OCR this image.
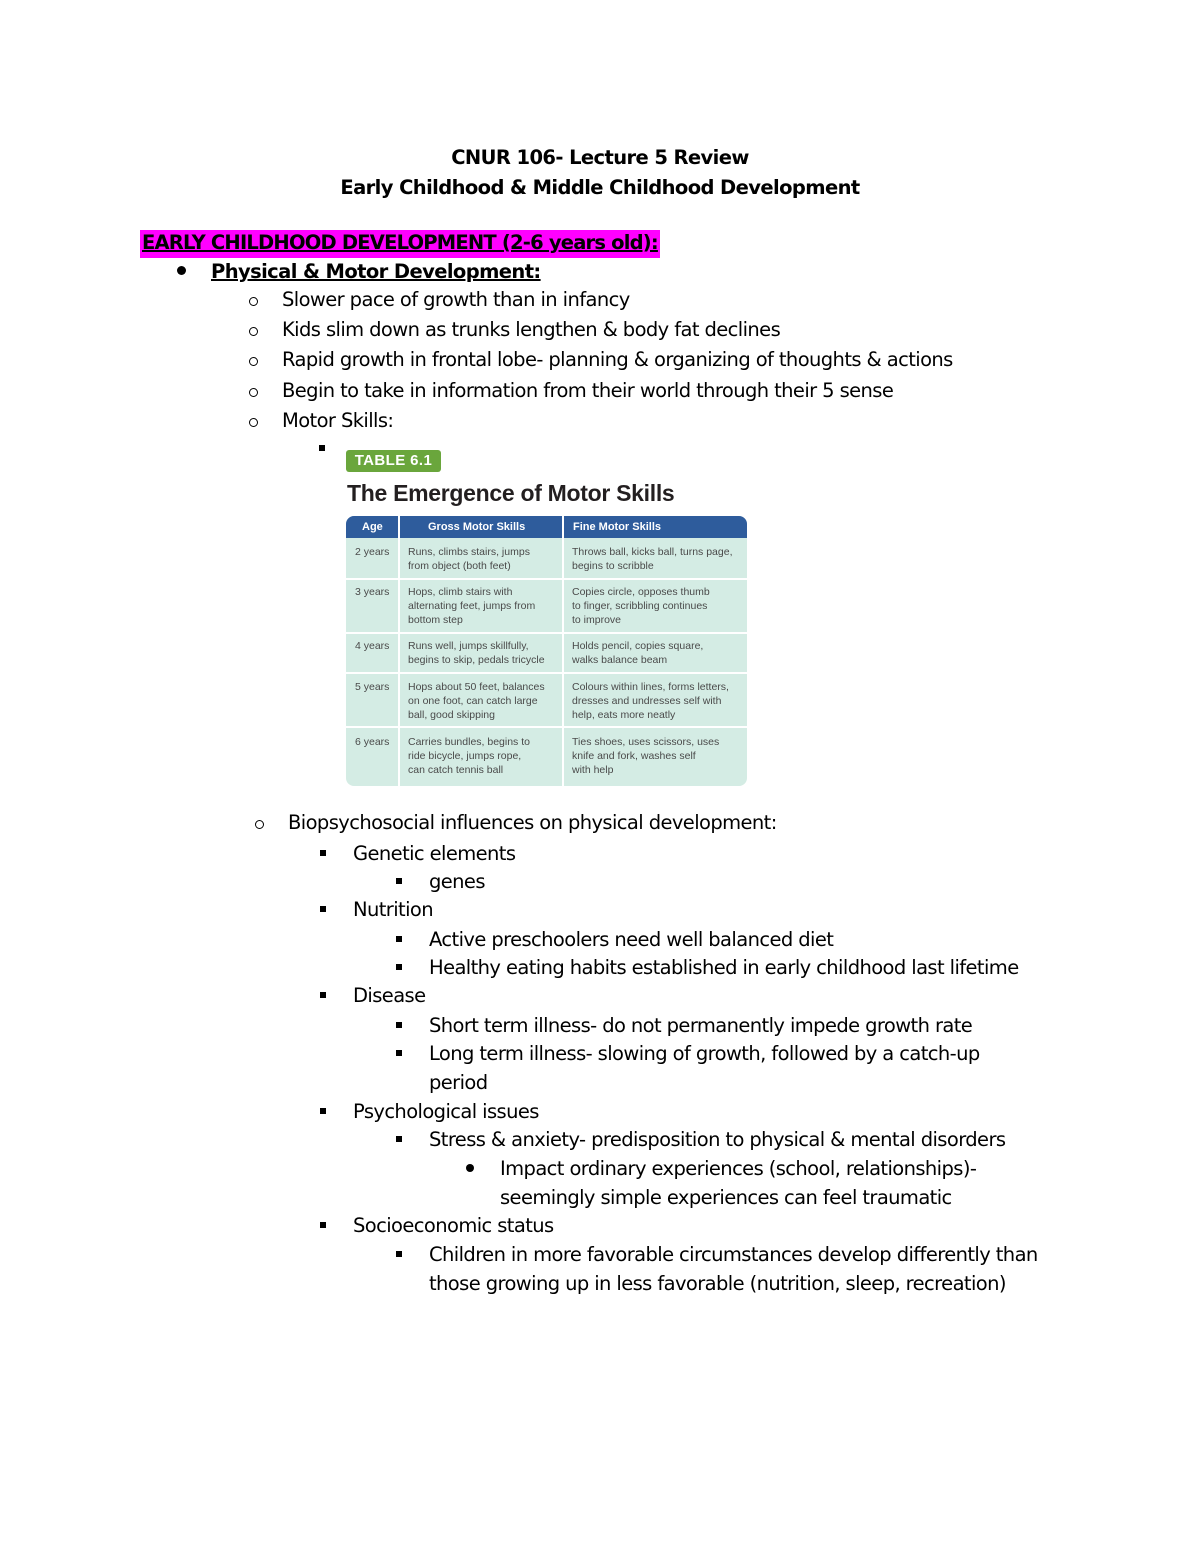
CNUR 106- Lecture 5 Review
Early Childhood & Middle Childhood Development
EARLY CHILDHOOD DEVELOPMENT (2-6 years old):
Physical & Motor Development:
Slower pace of growth than in infancy
Kids slim down as trunks lengthen & body fat declines
Rapid growth in frontal lobe- planning & organizing of thoughts & actions
Begin to take in information from their world through their 5 sense
Motor Skills:
TABLE 6.1
The Emergence of Motor Skills
Age	Gross Motor Skills	Fine Motor Skills
2 years Runs, climbs stairs, jumps
from object (both feet)
Throws ball, kicks ball, turns page,
begins to scribble
3 years Hops, climb stairs with
alternating feet, jumps from
bottom step
Copies circle, opposes thumb
to finger, scribbling continues
to improve
4 years Runs well, jumps skillfully,
begins to skip, pedals tricycle
Holds pencil, copies square,
walks balance beam
5 years Hops about 50 feet, balances
on one foot, can catch large
ball, good skipping
Colours within lines, forms letters,
dresses and undresses self with
help, eats more neatly
6 years Carries bundles, begins to
ride bicycle, jumps rope,
can catch tennis ball
Ties shoes, uses scissors, uses
knife and fork, washes self
with help
Biopsychosocial influences on physical development:
Genetic elements
genes
Nutrition
Active preschoolers need well balanced diet
Healthy eating habits established in early childhood last lifetime
Disease
Short term illness- do not permanently impede growth rate
Long term illness- slowing of growth, followed by a catch-up
period
Psychological issues
Stress & anxiety- predisposition to physical & mental disorders
Impact ordinary experiences (school, relationships)-
seemingly simple experiences can feel traumatic
Socioeconomic status
Children in more favorable circumstances develop differently than
those growing up in less favorable (nutrition, sleep, recreation)
